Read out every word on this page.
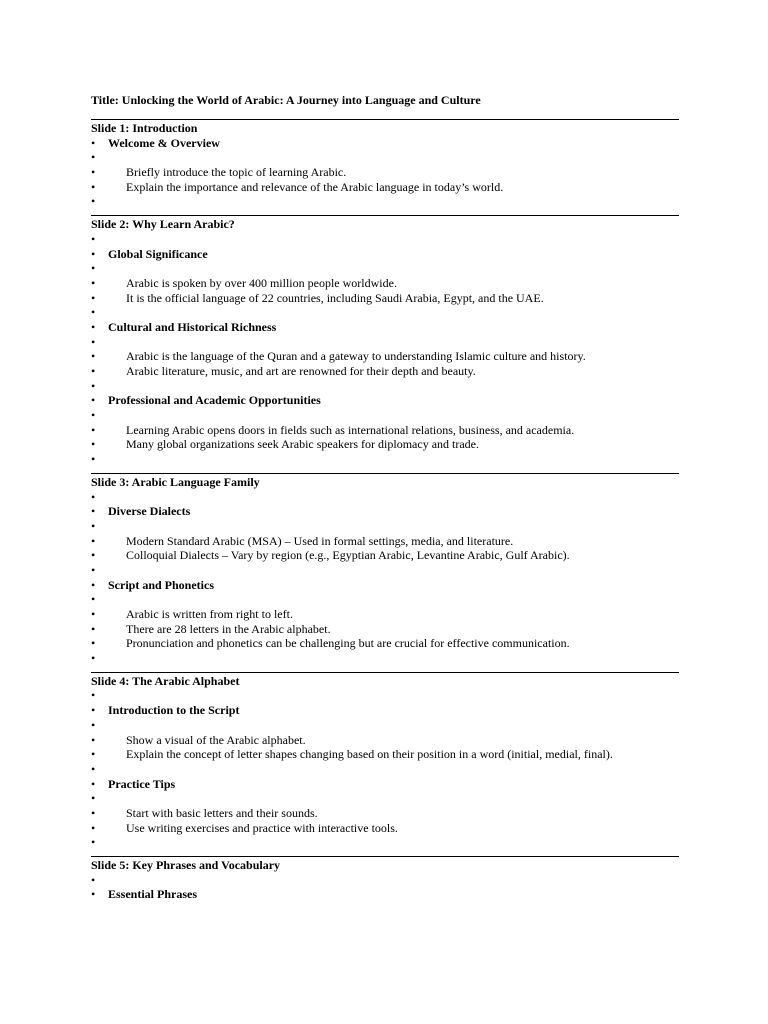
Title: Unlocking the World of Arabic: A Journey into Language and Culture
Slide 1: Introduction
•	Welcome & Overview
•
•	Briefly introduce the topic of learning Arabic.
•	Explain the importance and relevance of the Arabic language in today’s world.
•
Slide 2: Why Learn Arabic?
•
•	Global Significance
•
•	Arabic is spoken by over 400 million people worldwide.
•	It is the official language of 22 countries, including Saudi Arabia, Egypt, and the UAE.
•
•	Cultural and Historical Richness
•
•	Arabic is the language of the Quran and a gateway to understanding Islamic culture and history.
•	Arabic literature, music, and art are renowned for their depth and beauty.
•
•	Professional and Academic Opportunities
•
•	Learning Arabic opens doors in fields such as international relations, business, and academia.
•	Many global organizations seek Arabic speakers for diplomacy and trade.
•
Slide 3: Arabic Language Family
•
•	Diverse Dialects
•
•	Modern Standard Arabic (MSA) – Used in formal settings, media, and literature.
•	Colloquial Dialects – Vary by region (e.g., Egyptian Arabic, Levantine Arabic, Gulf Arabic).
•
•	Script and Phonetics
•
•	Arabic is written from right to left.
•	There are 28 letters in the Arabic alphabet.
•	Pronunciation and phonetics can be challenging but are crucial for effective communication.
•
Slide 4: The Arabic Alphabet
•
•	Introduction to the Script
•
•	Show a visual of the Arabic alphabet.
•	Explain the concept of letter shapes changing based on their position in a word (initial, medial, final).
•
•	Practice Tips
•
•	Start with basic letters and their sounds.
•	Use writing exercises and practice with interactive tools.
•
Slide 5: Key Phrases and Vocabulary
•
•	Essential Phrases
